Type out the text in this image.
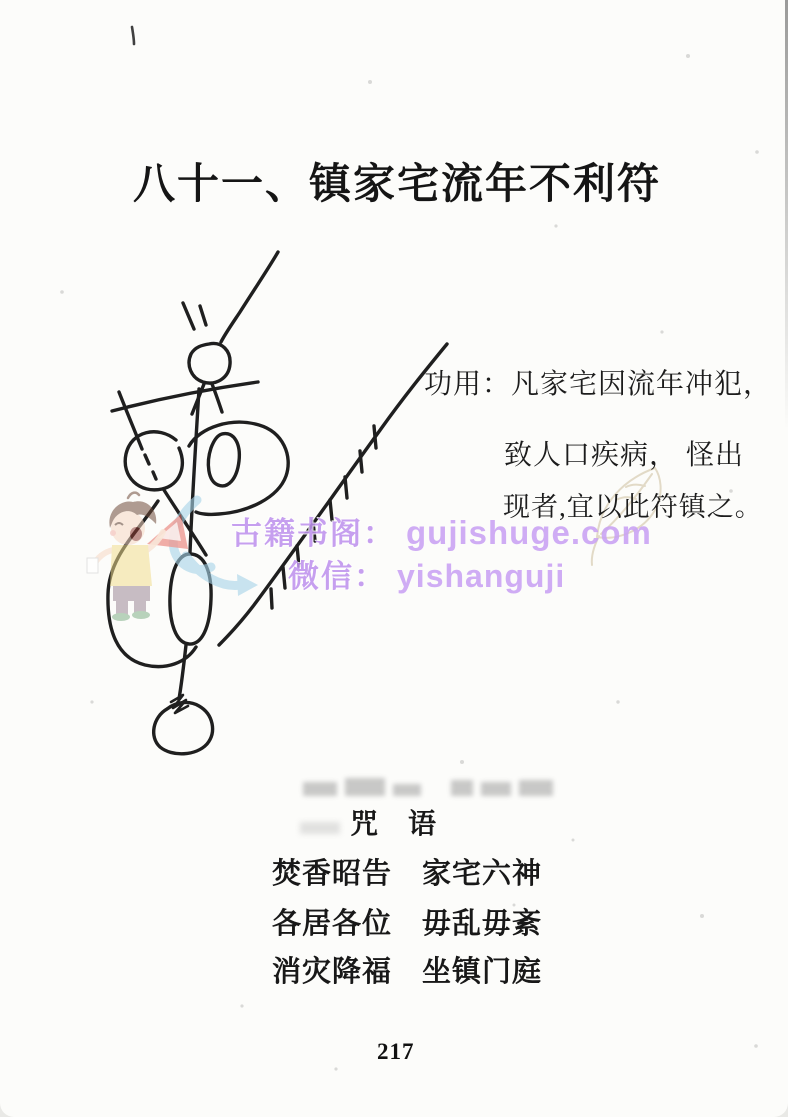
八十一、镇家宅流年不利符
功用：凡家宅因流年冲犯，
致人口疾病， 怪出
现者,宜以此符镇之。
咒　语
焚香昭告　家宅六神
各居各位　毋乱毋紊
消灾降福　坐镇门庭
217
古籍书阁： gujishuge.com
微信： yishanguji
